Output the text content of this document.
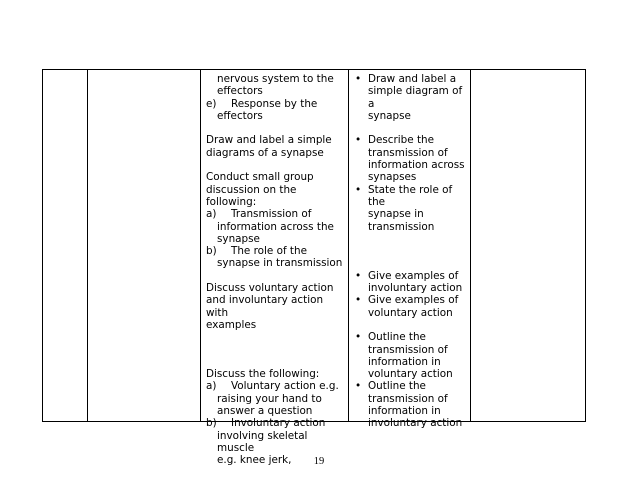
nervous system to the effectors

e) Response by the

effectors

Draw and label a simple

diagrams of a synapse

Conduct small group

discussion on the following:

a) Transmission of

information across the

synapse

b) The role of the

synapse in transmission

Discuss voluntary action

and involuntary action with

examples

Discuss the following:

a) Voluntary action e.g.

raising your hand to

answer a question

b) Involuntary action

involving skeletal muscle

e.g. knee jerk,

• Draw and label a
simple diagram of a
synapse
• Describe the
transmission of
information across
synapses
• State the role of the
synapse in
transmission
• Give examples of
involuntary action
• Give examples of
voluntary action
• Outline the
transmission of
information in
voluntary action
• Outline the
transmission of
information in
involuntary action
19
